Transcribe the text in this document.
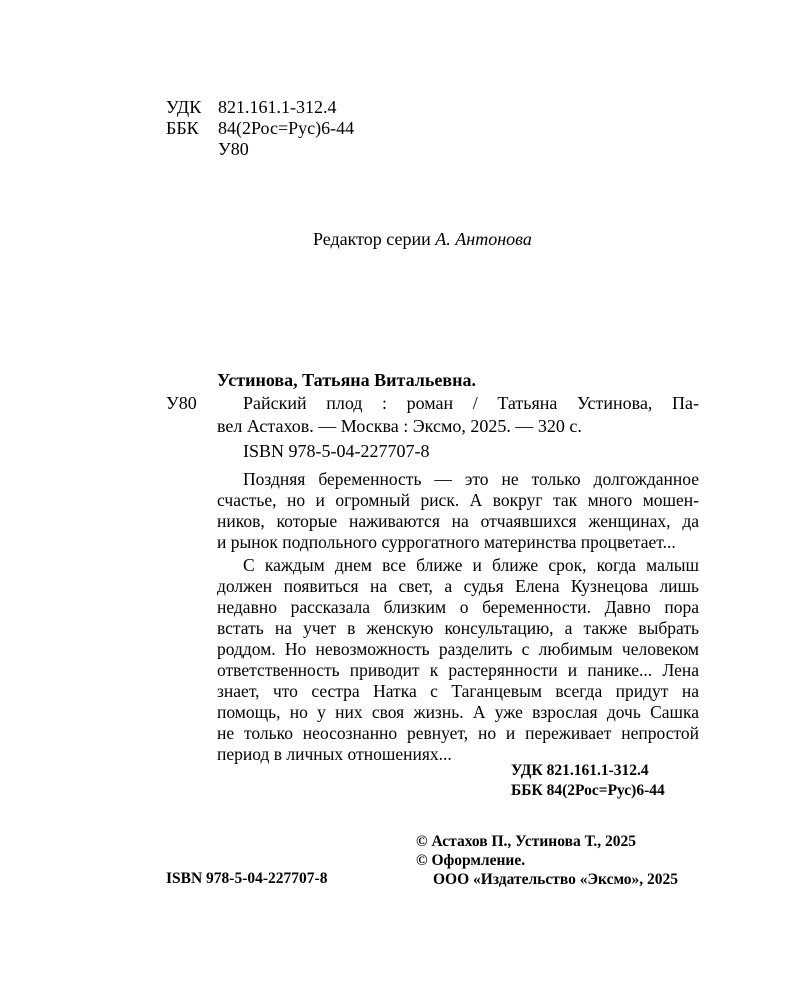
УДК 821.161.1-312.4
ББК 84(2Рос=Рус)6-44
У80
Редактор серии А. Антонова
Устинова, Татьяна Витальевна.
У80	Райский плод : роман / Татьяна Устинова, Па-
вел Астахов. — Москва : Эксмо, 2025. — 320 с.
ISBN 978-5-04-227707-8
Поздняя беременность — это не только долгожданное
счастье, но и огромный риск. А вокруг так много мошен-
ников, которые наживаются на отчаявшихся женщинах, да
и рынок подпольного суррогатного материнства процветает...
С каждым днем все ближе и ближе срок, когда малыш
должен появиться на свет, а судья Елена Кузнецова лишь
недавно рассказала близким о беременности. Давно пора
встать на учет в женскую консультацию, а также выбрать
роддом. Но невозможность разделить с любимым человеком
ответственность приводит к растерянности и панике... Лена
знает, что сестра Натка с Таганцевым всегда придут на
помощь, но у них своя жизнь. А уже взрослая дочь Сашка
не только неосознанно ревнует, но и переживает непростой
период в личных отношениях...
УДК 821.161.1-312.4
ББК 84(2Рос=Рус)6-44
© Астахов П., Устинова Т., 2025
© Оформление.
ООО «Издательство «Эксмо», 2025
ISBN 978-5-04-227707-8
